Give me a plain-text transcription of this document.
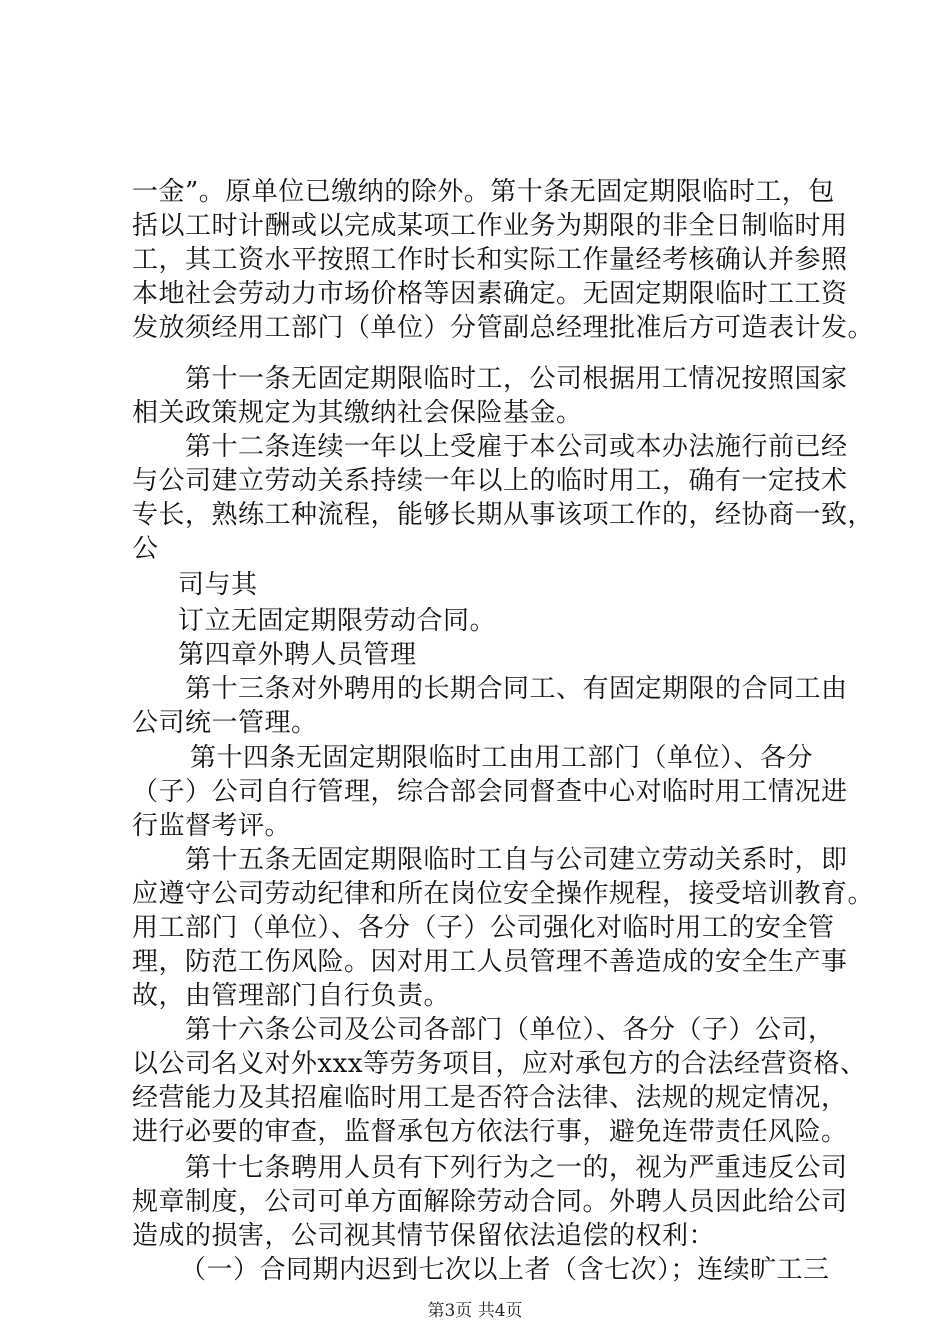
一金”。原单位已缴纳的除外。第十条无固定期限临时工，包
括以工时计酬或以完成某项工作业务为期限的非全日制临时用
工，其工资水平按照工作时长和实际工作量经考核确认并参照
本地社会劳动力市场价格等因素确定。无固定期限临时工工资
发放须经用工部门（单位）分管副总经理批准后方可造表计发。
第十一条无固定期限临时工，公司根据用工情况按照国家
相关政策规定为其缴纳社会保险基金。
第十二条连续一年以上受雇于本公司或本办法施行前已经
与公司建立劳动关系持续一年以上的临时用工，确有一定技术
专长，熟练工种流程，能够长期从事该项工作的，经协商一致，
公
司与其
订立无固定期限劳动合同。
第四章外聘人员管理
第十三条对外聘用的长期合同工、有固定期限的合同工由
公司统一管理。
第十四条无固定期限临时工由用工部门（单位）、各分
（子）公司自行管理，综合部会同督查中心对临时用工情况进
行监督考评。
第十五条无固定期限临时工自与公司建立劳动关系时，即
应遵守公司劳动纪律和所在岗位安全操作规程，接受培训教育。
用工部门（单位）、各分（子）公司强化对临时用工的安全管
理，防范工伤风险。因对用工人员管理不善造成的安全生产事
故，由管理部门自行负责。
第十六条公司及公司各部门（单位）、各分（子）公司，
以公司名义对外xxx等劳务项目，应对承包方的合法经营资格、
经营能力及其招雇临时用工是否符合法律、法规的规定情况，
进行必要的审查，监督承包方依法行事，避免连带责任风险。
第十七条聘用人员有下列行为之一的，视为严重违反公司
规章制度，公司可单方面解除劳动合同。外聘人员因此给公司
造成的损害，公司视其情节保留依法追偿的权利：
（一）合同期内迟到七次以上者（含七次）；连续旷工三
第3页 共4页
